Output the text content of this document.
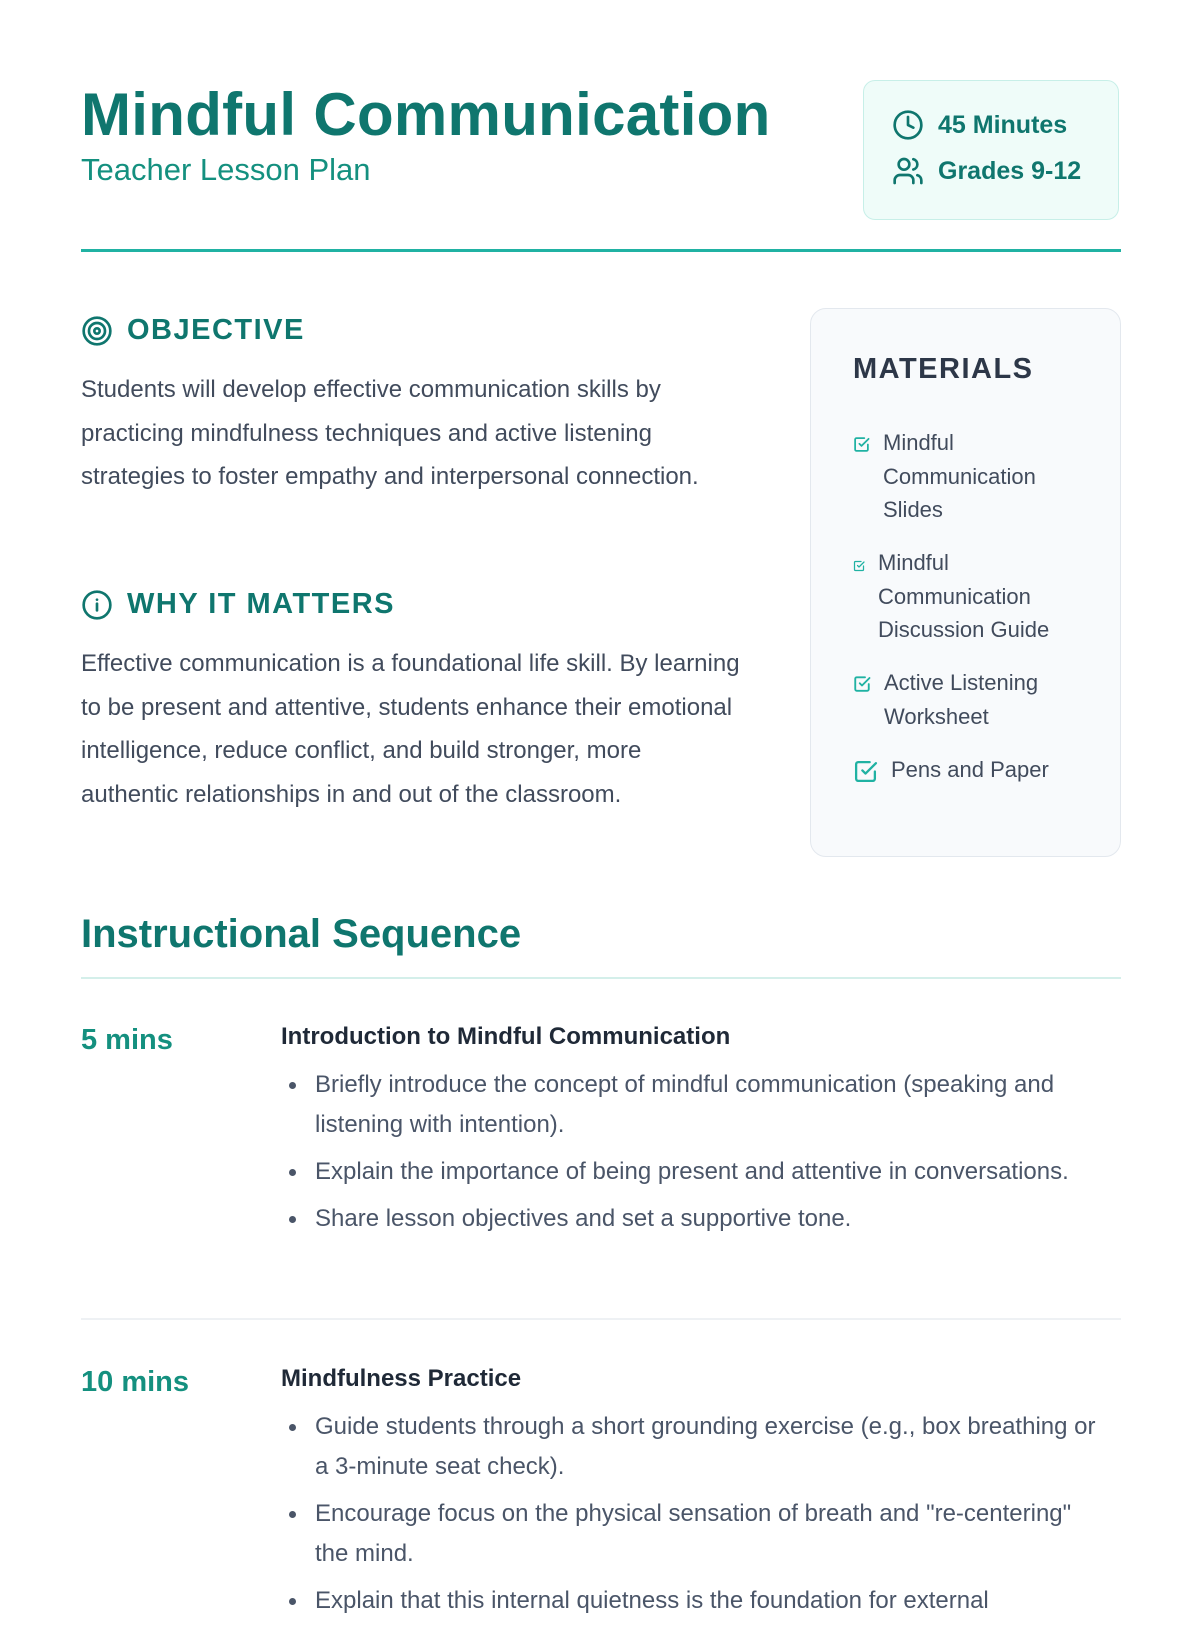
Mindful Communication
Teacher Lesson Plan
45 Minutes
Grades 9-12
OBJECTIVE

Students will develop effective communication skills by practicing mindfulness techniques and active listening strategies to foster empathy and interpersonal connection.

WHY IT MATTERS

Effective communication is a foundational life skill. By learning to be present and attentive, students enhance their emotional intelligence, reduce conflict, and build stronger, more authentic relationships in and out of the classroom.

MATERIALS
Mindful Communication Slides
Mindful Communication Discussion Guide
Active Listening Worksheet
Pens and Paper
Instructional Sequence
5 mins	Introduction to Mindful Communication
Briefly introduce the concept of mindful communication (speaking and listening with intention).
Explain the importance of being present and attentive in conversations.
Share lesson objectives and set a supportive tone.
10 mins	Mindfulness Practice
Guide students through a short grounding exercise (e.g., box breathing or a 3-minute seat check).
Encourage focus on the physical sensation of breath and "re-centering" the mind.
Explain that this internal quietness is the foundation for external
